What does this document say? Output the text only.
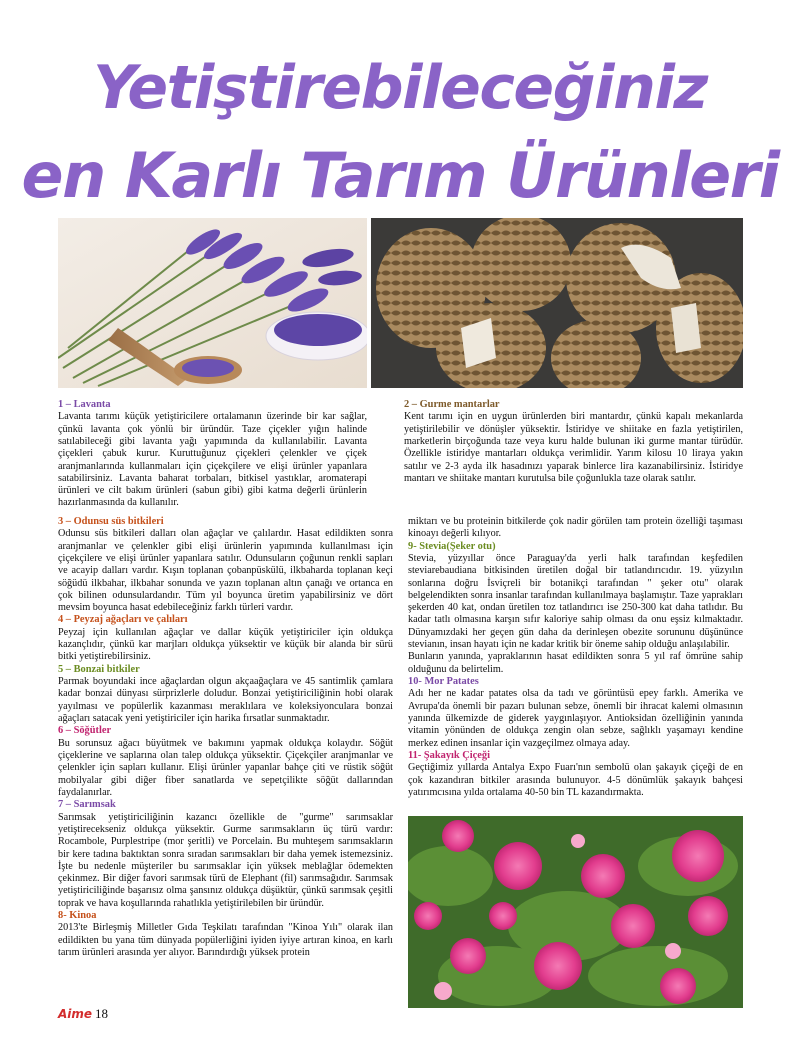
Yetiştirebileceğiniz
en Karlı Tarım Ürünleri

1 – Lavanta

Lavanta tarımı küçük yetiştiricilere ortalamanın üzerinde bir kar sağlar, çünkü lavanta çok yönlü bir üründür. Taze çiçekler yığın halinde satılabileceği gibi lavanta yağı yapımında da kullanılabilir. Lavanta çiçekleri çabuk kurur. Kuruttuğunuz çiçekleri çelenkler ve çiçek aranjmanlarında kullanmaları için çiçekçilere ve elişi ürünler yapanlara satabilirsiniz. Lavanta baharat torbaları, bitkisel yastıklar, aromaterapi ürünleri ve cilt bakım ürünleri (sabun gibi) gibi katma değerli ürünlerin hazırlanmasında da kullanılır.

2 – Gurme mantarlar

Kent tarımı için en uygun ürünlerden biri mantardır, çünkü kapalı mekanlarda yetiştirilebilir ve dönüşler yüksektir. İstiridye ve shiitake en fazla yetiştirilen, marketlerin birçoğunda taze veya kuru halde bulunan iki gurme mantar türüdür. Özellikle istiridye mantarları oldukça verimlidir. Yarım kilosu 10 liraya yakın satılır ve 2-3 ayda ilk hasadınızı yaparak binlerce lira kazanabilirsiniz. İstiridye mantarı ve shiitake mantarı kurutulsa bile çoğunlukla taze olarak satılır.

3 – Odunsu süs bitkileri

Odunsu süs bitkileri dalları olan ağaçlar ve çalılardır. Hasat edildikten sonra aranjmanlar ve çelenkler gibi elişi ürünlerin yapımında kullanılması için çiçekçilere ve elişi ürünler yapanlara satılır. Odunsuların çoğunun renkli sapları ve acayip dalları vardır. Kışın toplanan çobanpüskülü, ilkbaharda toplanan keçi söğüdü ilkbahar, ilkbahar sonunda ve yazın toplanan altın çanağı ve ortanca en çok bilinen odunsulardandır. Tüm yıl boyunca üretim yapabilirsiniz ve dört mevsim boyunca hasat edebileceğiniz farklı türleri vardır.

4 – Peyzaj ağaçları ve çalıları

Peyzaj için kullanılan ağaçlar ve dallar küçük yetiştiriciler için oldukça kazançlıdır, çünkü kar marjları oldukça yüksektir ve küçük bir alanda bir sürü bitki yetiştirebilirsiniz.

5 – Bonzai bitkiler

Parmak boyundaki ince ağaçlardan olgun akçaağaçlara ve 45 santimlik çamlara kadar bonzai dünyası sürprizlerle doludur. Bonzai yetiştiriciliğinin hobi olarak yayılması ve popülerlik kazanması meraklılara ve koleksiyonculara bonzai ağaçları satacak yeni yetiştiriciler için harika fırsatlar sunmaktadır.

6 – Söğütler

Bu sorunsuz ağacı büyütmek ve bakımını yapmak oldukça kolaydır. Söğüt çiçeklerine ve saplarına olan talep oldukça yüksektir. Çiçekçiler aranjmanlar ve çelenkler için sapları kullanır. Elişi ürünler yapanlar bahçe çiti ve rüstik söğüt mobilyalar gibi diğer fiber sanatlarda ve sepetçilikte söğüt dallarından faydalanırlar.

7 – Sarımsak

Sarımsak yetiştiriciliğinin kazancı özellikle de "gurme" sarımsaklar yetiştirecekseniz oldukça yüksektir. Gurme sarımsakların üç türü vardır: Rocambole, Purplestripe (mor şeritli) ve Porcelain. Bu muhteşem sarımsakların bir kere tadına baktıktan sonra sıradan sarımsakları bir daha yemek istemezsiniz. İşte bu nedenle müşteriler bu sarımsaklar için yüksek meblağlar ödemekten çekinmez. Bir diğer favori sarımsak türü de Elephant (fil) sarımsağıdır. Sarımsak yetiştiriciliğinde başarısız olma şansınız oldukça düşüktür, çünkü sarımsak çeşitli toprak ve hava koşullarında rahatlıkla yetiştirilebilen bir üründür.

8- Kinoa

2013'te Birleşmiş Milletler Gıda Teşkilatı tarafından "Kinoa Yılı" olarak ilan edildikten bu yana tüm dünyada popülerliğini iyiden iyiye artıran kinoa, en karlı tarım ürünleri arasında yer alıyor. Barındırdığı yüksek protein

miktarı ve bu proteinin bitkilerde çok nadir görülen tam protein özelliği taşıması kinoayı değerli kılıyor.

9- Stevia(Şeker otu)

Stevia, yüzyıllar önce Paraguay'da yerli halk tarafından keşfedilen steviarebaudiana bitkisinden üretilen doğal bir tatlandırıcıdır. 19. yüzyılın sonlarına doğru İsviçreli bir botanikçi tarafından " şeker otu" olarak belgelendikten sonra insanlar tarafından kullanılmaya başlamıştır. Taze yaprakları şekerden 40 kat, ondan üretilen toz tatlandırıcı ise 250-300 kat daha tatlıdır. Bu kadar tatlı olmasına karşın sıfır kaloriye sahip olması da onu eşsiz kılmaktadır. Dünyamızdaki her geçen gün daha da derinleşen obezite sorununu düşününce stevianın, insan hayatı için ne kadar kritik bir öneme sahip olduğu anlaşılabilir.

Bunların yanında, yapraklarının hasat edildikten sonra 5 yıl raf ömrüne sahip olduğunu da belirtelim.

10- Mor Patates

Adı her ne kadar patates olsa da tadı ve görüntüsü epey farklı. Amerika ve Avrupa'da önemli bir pazarı bulunan sebze, önemli bir ihracat kalemi olmasının yanında ülkemizde de giderek yaygınlaşıyor. Antioksidan özelliğinin yanında vitamin yönünden de oldukça zengin olan sebze, sağlıklı yaşamayı kendine merkez edinen insanlar için vazgeçilmez olmaya aday.

11- Şakayık Çiçeği

Geçtiğimiz yıllarda Antalya Expo Fuarı'nın sembolü olan şakayık çiçeği de en çok kazandıran bitkiler arasında bulunuyor. 4-5 dönümlük şakayık bahçesi yatırımcısına yılda ortalama 40-50 bin TL kazandırmakta.

Aime 18
